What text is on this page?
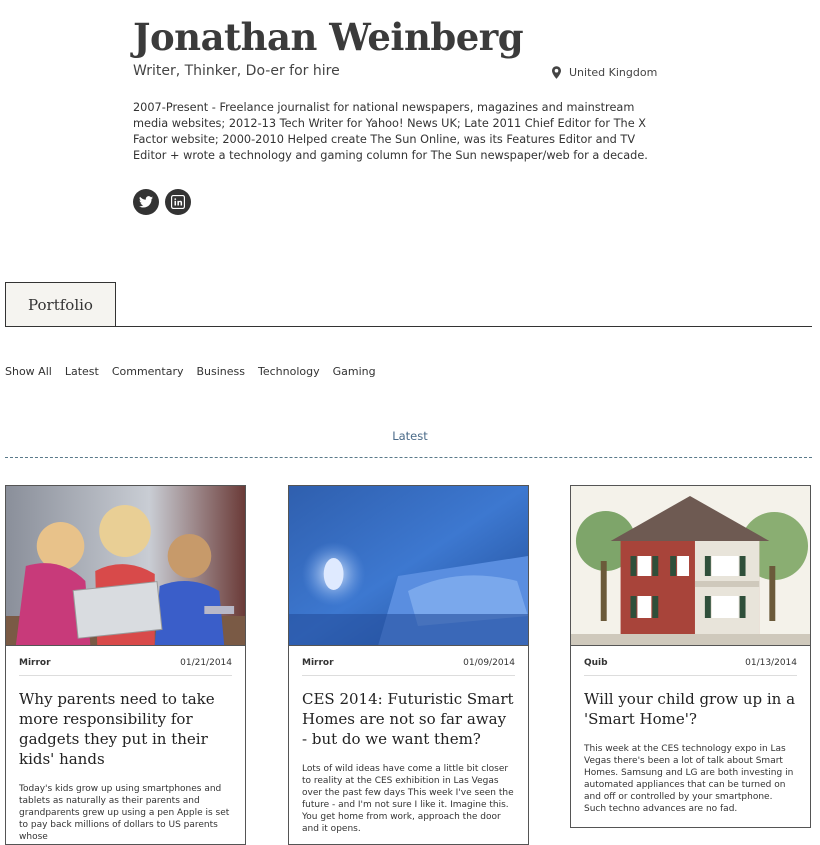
Jonathan Weinberg
Writer, Thinker, Do-er for hire	United Kingdom

2007-Present - Freelance journalist for national newspapers, magazines and mainstream media websites; 2012-13 Tech Writer for Yahoo! News UK; Late 2011 Chief Editor for The X Factor website; 2000-2010 Helped create The Sun Online, was its Features Editor and TV Editor + wrote a technology and gaming column for The Sun newspaper/web for a decade.

Portfolio
Show All Latest Commentary Business Technology Gaming
Latest
Mirror	01/21/2014
Why parents need to take more responsibility for gadgets they put in their kids' hands

Today's kids grow up using smartphones and tablets as naturally as their parents and grandparents grew up using a pen Apple is set to pay back millions of dollars to US parents whose

Mirror	01/09/2014
CES 2014: Futuristic Smart Homes are not so far away - but do we want them?

Lots of wild ideas have come a little bit closer to reality at the CES exhibition in Las Vegas over the past few days This week I've seen the future - and I'm not sure I like it. Imagine this. You get home from work, approach the door and it opens.

Quib	01/13/2014
Will your child grow up in a 'Smart Home'?

This week at the CES technology expo in Las Vegas there's been a lot of talk about Smart Homes. Samsung and LG are both investing in automated appliances that can be turned on and off or controlled by your smartphone. Such techno advances are no fad.
